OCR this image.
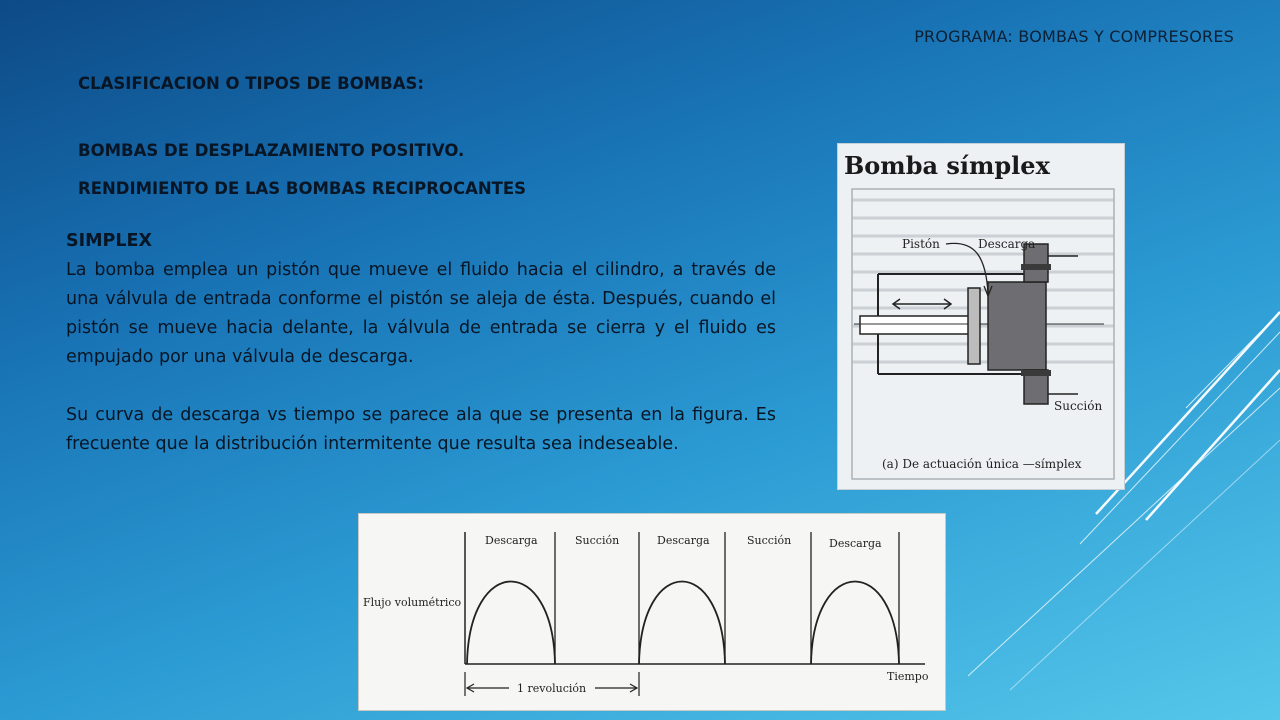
PROGRAMA: BOMBAS Y COMPRESORES
CLASIFICACION O TIPOS DE BOMBAS:
BOMBAS DE DESPLAZAMIENTO POSITIVO.
RENDIMIENTO DE LAS BOMBAS RECIPROCANTES
SIMPLEX

La bomba emplea un pistón que mueve el fluido hacia el cilindro, a través de una válvula de entrada conforme el pistón se aleja de ésta. Después, cuando el pistón se mueve hacia delante, la válvula de entrada se cierra y el fluido es empujado por una válvula de descarga.

Su curva de descarga vs tiempo se parece ala que se presenta en la figura. Es frecuente que la distribución intermitente que resulta sea indeseable.

Bomba símplex
Pistón	Descarga
Succión
(a) De actuación única —símplex
Descarga	Succión	Descarga	Succión	Descarga
Flujo volumétrico
Tiempo
1 revolución
